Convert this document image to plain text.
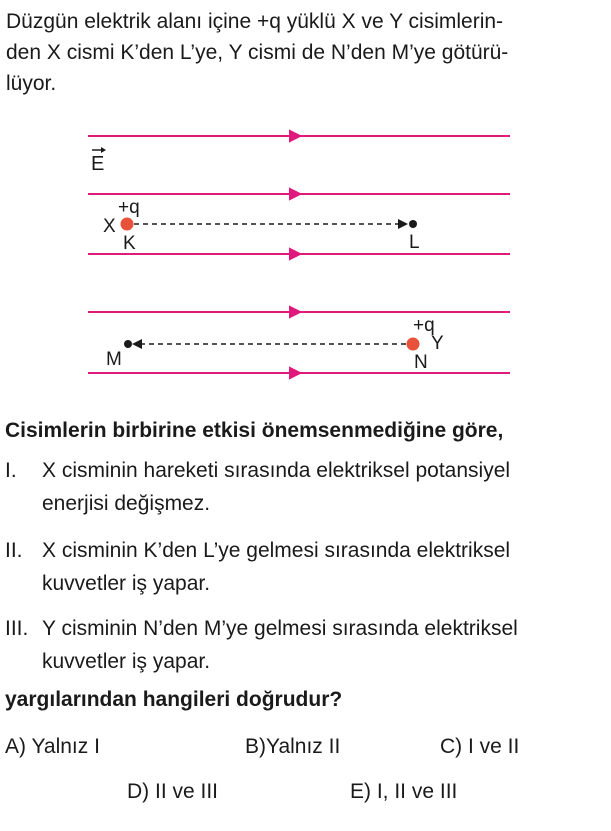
Düzgün elektrik alanı içine +q yüklü X ve Y cisimlerin-
den X cismi K’den L’ye, Y cismi de N’den M’ye götürü-
lüyor.
E
+q
X
K	L
+q
Y
N
M

Cisimlerin birbirine etkisi önemsenmediğine göre,

I. X cisminin hareketi sırasında elektriksel potansiyel
enerjisi değişmez.
II. X cisminin K’den L’ye gelmesi sırasında elektriksel
kuvvetler iş yapar.
III. Y cisminin N’den M’ye gelmesi sırasında elektriksel
kuvvetler iş yapar.

yargılarından hangileri doğrudur?

A) Yalnız I	B)Yalnız II	C) I ve II
D) II ve III	E) I, II ve III
